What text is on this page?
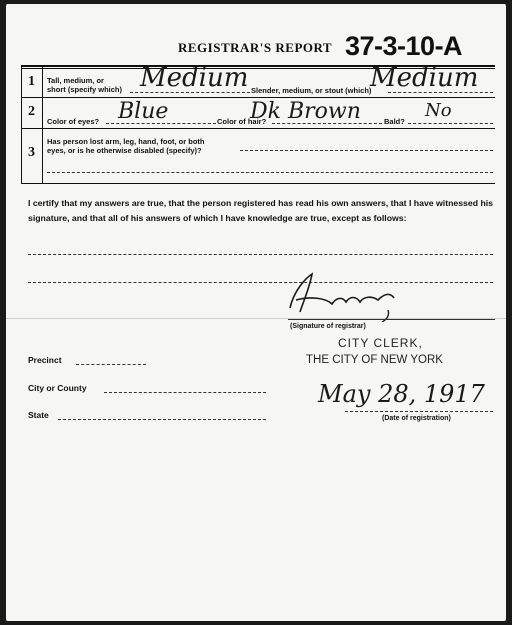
REGISTRAR'S REPORT 37-3-10-A
1 Tall, medium, or
short (specify which) Medium Slender, medium, or stout (which)
Medium
2
Color of eyes? Blue	Color of hair?
Dk Brown	Bald?
No
3
Has person lost arm, leg, hand, foot, or both
eyes, or is he otherwise disabled (specify)?
I certify that my answers are true, that the person registered has read his own answers, that I have witnessed his signature, and that all of his answers of which I have knowledge are true, except as follows:
(Signature of registrar)
CITY CLERK,
THE CITY OF NEW YORK
Precinct
City or County
State
May 28, 1917
(Date of registration)
